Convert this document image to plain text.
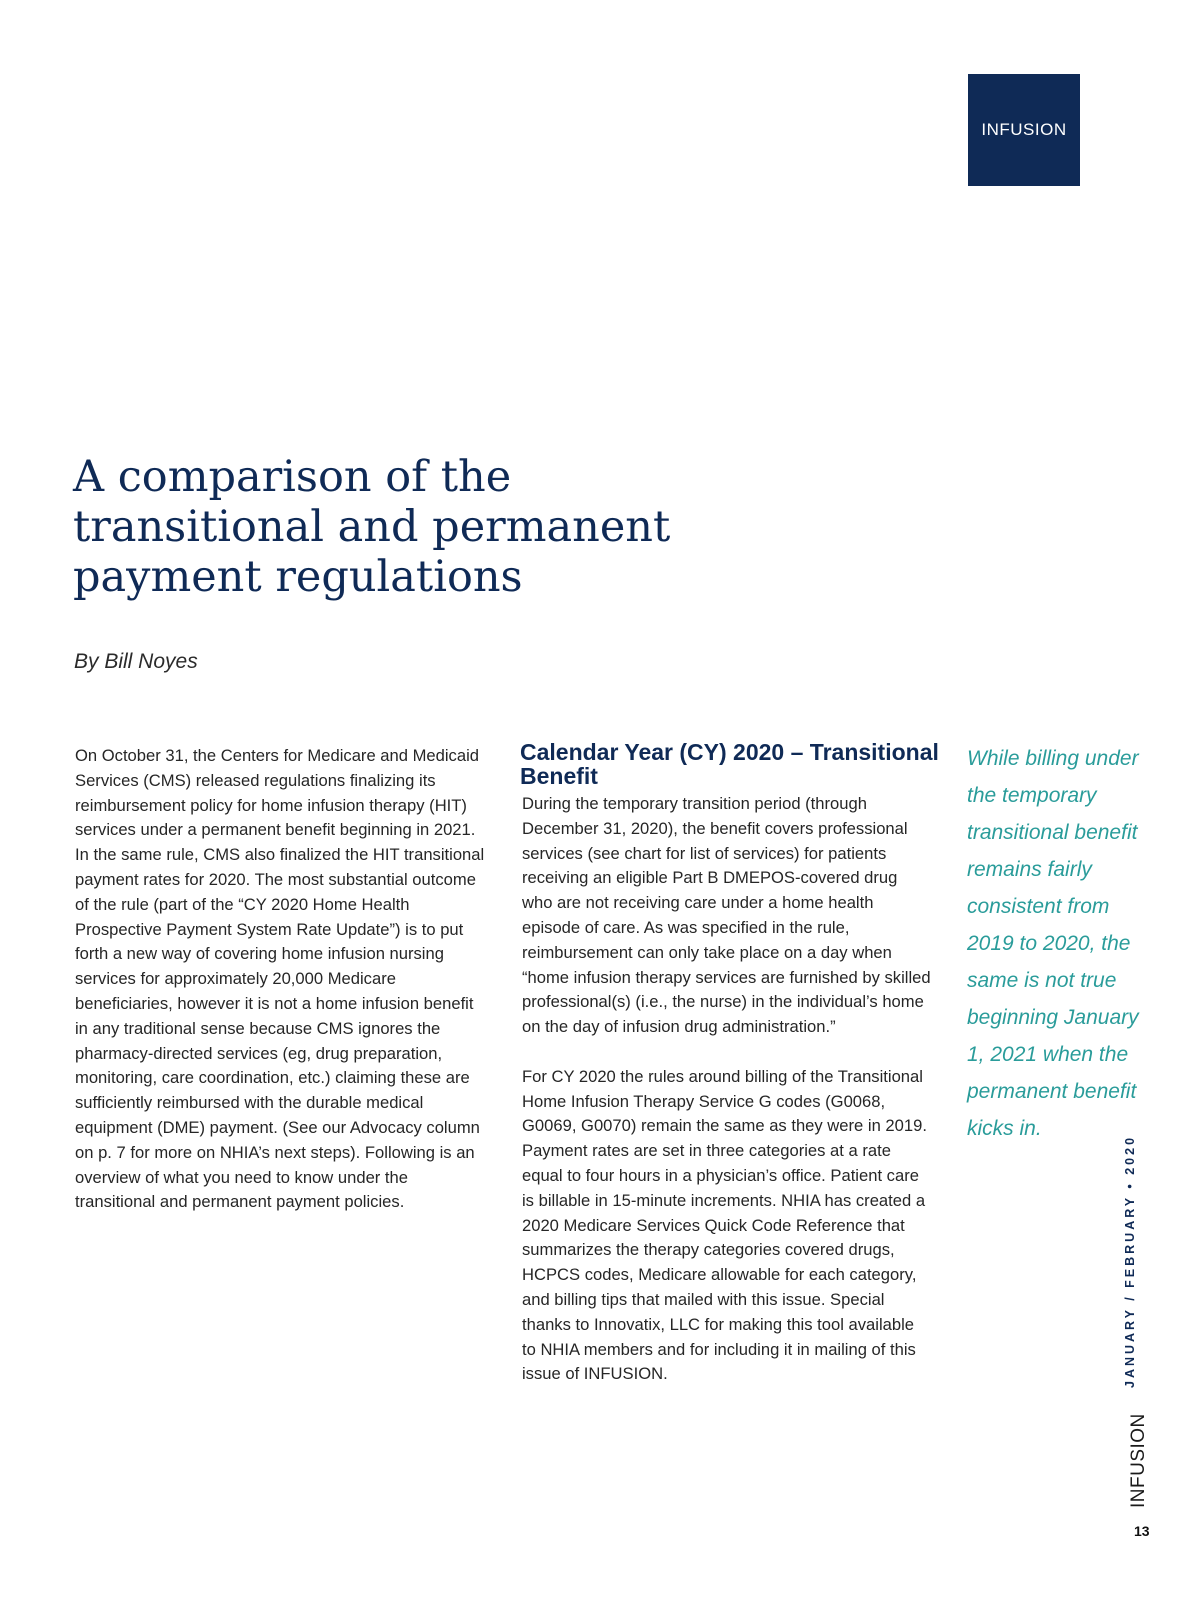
INFUSION
A comparison of the transitional and permanent payment regulations

By Bill Noyes

On October 31, the Centers for Medicare and Medicaid Services (CMS) released regulations finalizing its reimbursement policy for home infusion therapy (HIT) services under a permanent benefit beginning in 2021. In the same rule, CMS also finalized the HIT transitional payment rates for 2020. The most substantial outcome of the rule (part of the “CY 2020 Home Health Prospective Payment System Rate Update”) is to put forth a new way of covering home infusion nursing services for approximately 20,000 Medicare beneficiaries, however it is not a home infusion benefit in any traditional sense because CMS ignores the pharmacy-directed services (eg, drug preparation, monitoring, care coordination, etc.) claiming these are sufficiently reimbursed with the durable medical equipment (DME) payment. (See our Advocacy column on p. 7 for more on NHIA’s next steps). Following is an overview of what you need to know under the transitional and permanent payment policies.

Calendar Year (CY) 2020 – Transitional Benefit

During the temporary transition period (through December 31, 2020), the benefit covers professional services (see chart for list of services) for patients receiving an eligible Part B DMEPOS-covered drug who are not receiving care under a home health episode of care. As was specified in the rule, reimbursement can only take place on a day when “home infusion therapy services are furnished by skilled professional(s) (i.e., the nurse) in the individual’s home on the day of infusion drug administration.”

For CY 2020 the rules around billing of the Transitional Home Infusion Therapy Service G codes (G0068, G0069, G0070) remain the same as they were in 2019. Payment rates are set in three categories at a rate equal to four hours in a physician’s office. Patient care is billable in 15-minute increments. NHIA has created a 2020 Medicare Services Quick Code Reference that summarizes the therapy categories covered drugs, HCPCS codes, Medicare allowable for each category, and billing tips that mailed with this issue. Special thanks to Innovatix, LLC for making this tool available to NHIA members and for including it in mailing of this issue of INFUSION.

While billing under the temporary transitional benefit remains fairly consistent from 2019 to 2020, the same is not true beginning January 1, 2021 when the permanent benefit kicks in.

JANUARY / FEBRUARY • 2020
INFUSION

13
